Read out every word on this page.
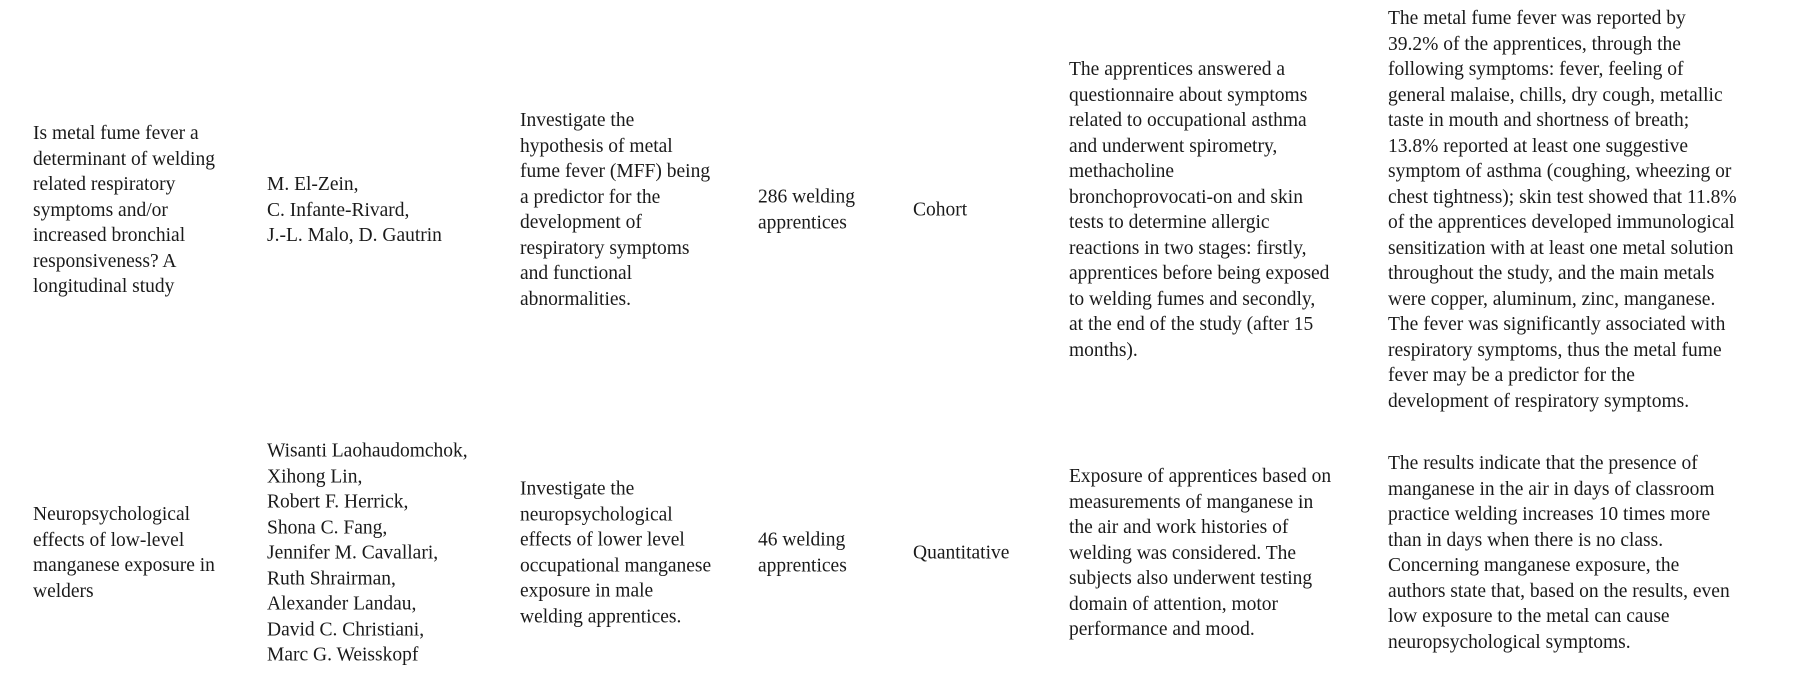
Is metal fume fever a
determinant of welding
related respiratory
symptoms and/or
increased bronchial
responsiveness? A
longitudinal study
M. El-Zein,
C. Infante-Rivard,
J.-L. Malo, D. Gautrin
Investigate the
hypothesis of metal
fume fever (MFF) being
a predictor for the
development of
respiratory symptoms
and functional
abnormalities.
286 welding
apprentices
Cohort
The apprentices answered a
questionnaire about symptoms
related to occupational asthma
and underwent spirometry,
methacholine
bronchoprovocati-on and skin
tests to determine allergic
reactions in two stages: firstly,
apprentices before being exposed
to welding fumes and secondly,
at the end of the study (after 15
months).
The metal fume fever was reported by
39.2% of the apprentices, through the
following symptoms: fever, feeling of
general malaise, chills, dry cough, metallic
taste in mouth and shortness of breath;
13.8% reported at least one suggestive
symptom of asthma (coughing, wheezing or
chest tightness); skin test showed that 11.8%
of the apprentices developed immunological
sensitization with at least one metal solution
throughout the study, and the main metals
were copper, aluminum, zinc, manganese.
The fever was significantly associated with
respiratory symptoms, thus the metal fume
fever may be a predictor for the
development of respiratory symptoms.
Neuropsychological
effects of low-level
manganese exposure in
welders
Wisanti Laohaudomchok,
Xihong Lin,
Robert F. Herrick,
Shona C. Fang,
Jennifer M. Cavallari,
Ruth Shrairman,
Alexander Landau,
David C. Christiani,
Marc G. Weisskopf
Investigate the
neuropsychological
effects of lower level
occupational manganese
exposure in male
welding apprentices.
46 welding
apprentices
Quantitative
Exposure of apprentices based on
measurements of manganese in
the air and work histories of
welding was considered. The
subjects also underwent testing
domain of attention, motor
performance and mood.
The results indicate that the presence of
manganese in the air in days of classroom
practice welding increases 10 times more
than in days when there is no class.
Concerning manganese exposure, the
authors state that, based on the results, even
low exposure to the metal can cause
neuropsychological symptoms.
